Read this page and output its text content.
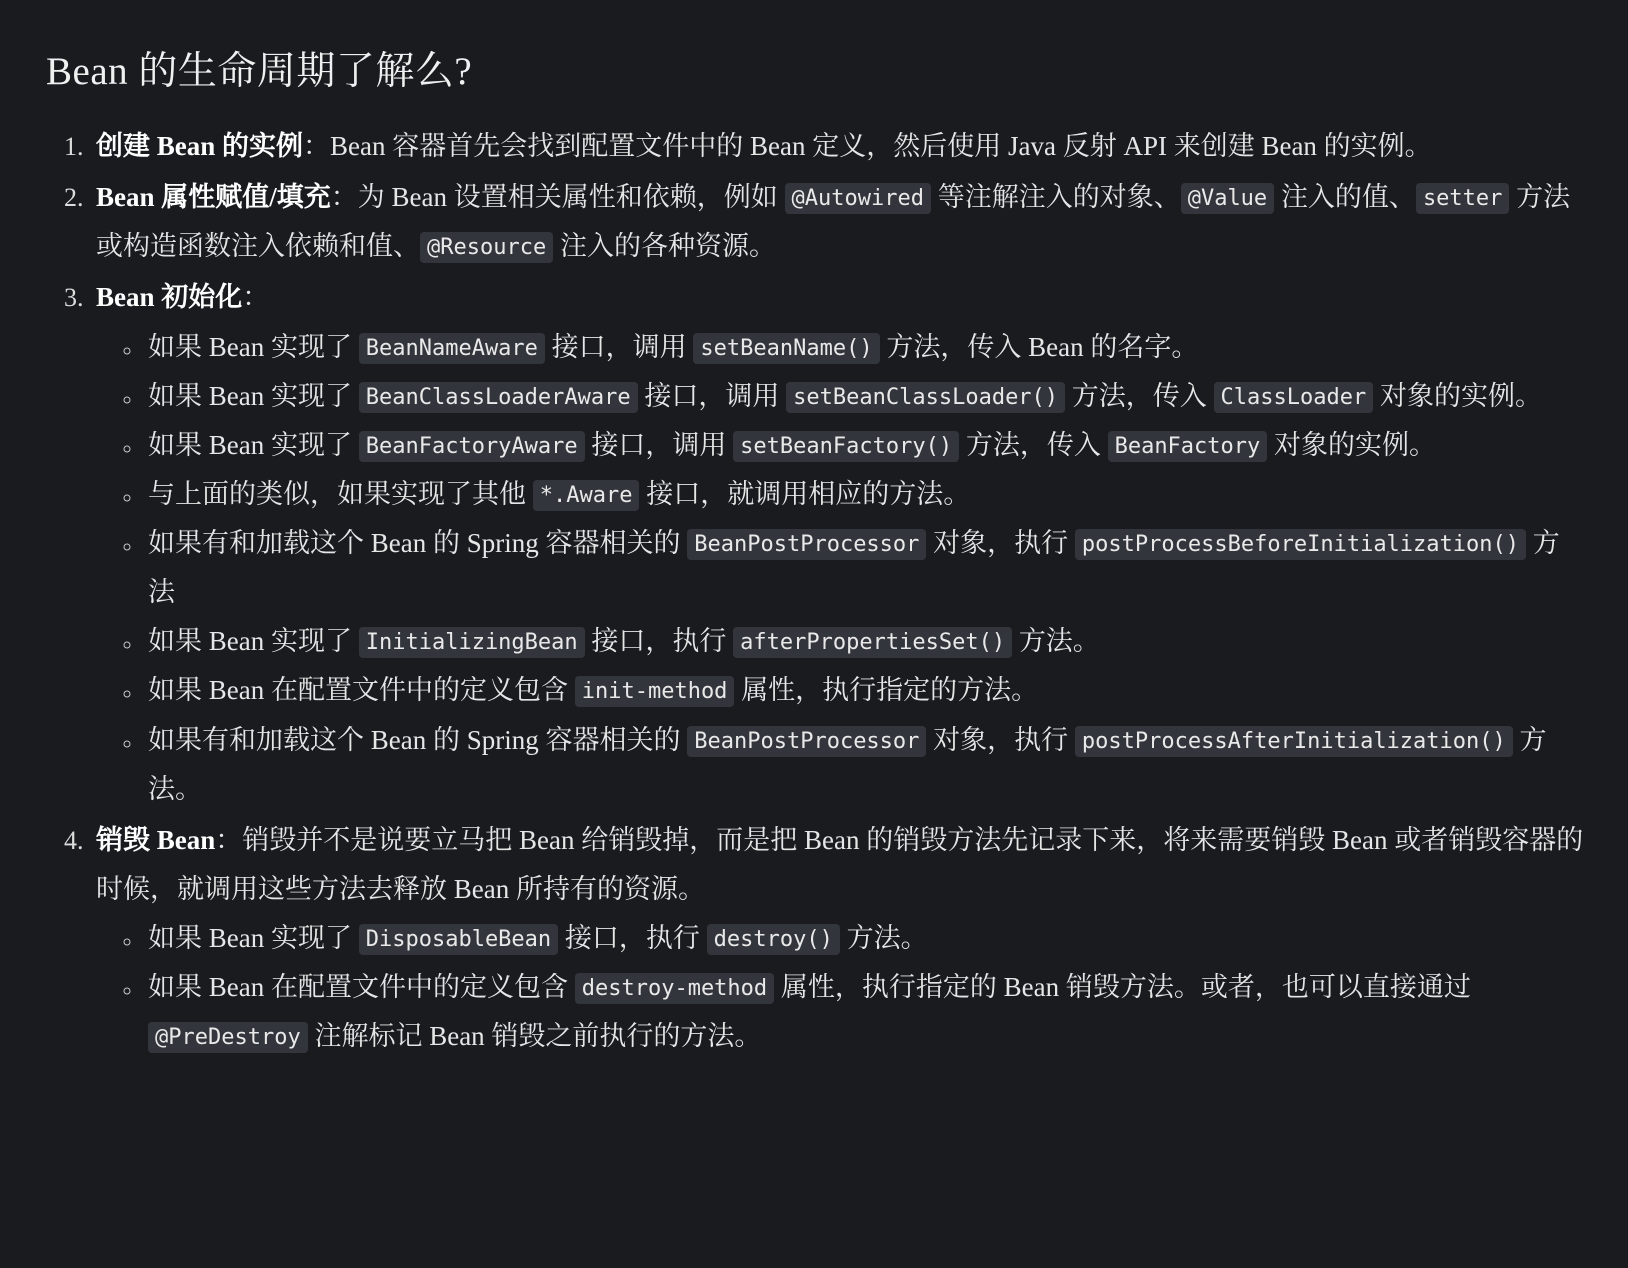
Bean 的生命周期了解么?
1. 创建 Bean 的实例：Bean 容器首先会找到配置文件中的 Bean 定义，然后使用 Java 反射 API 来创建 Bean 的实例。
2. Bean 属性赋值/填充：为 Bean 设置相关属性和依赖，例如 @Autowired 等注解注入的对象、 @Value 注入的值、 setter 方法或构造函数注入依赖和值、 @Resource 注入的各种资源。
3. Bean 初始化：
◦ 如果 Bean 实现了 BeanNameAware 接口，调用 setBeanName() 方法，传入 Bean 的名字。
◦ 如果 Bean 实现了 BeanClassLoaderAware 接口，调用 setBeanClassLoader() 方法，传入 ClassLoader 对象的实例。
◦ 如果 Bean 实现了 BeanFactoryAware 接口，调用 setBeanFactory() 方法，传入 BeanFactory 对象的实例。
◦ 与上面的类似，如果实现了其他 *.Aware 接口，就调用相应的方法。
◦ 如果有和加载这个 Bean 的 Spring 容器相关的 BeanPostProcessor 对象，执行 postProcessBeforeInitialization() 方法
◦ 如果 Bean 实现了 InitializingBean 接口，执行 afterPropertiesSet() 方法。
◦ 如果 Bean 在配置文件中的定义包含 init-method 属性，执行指定的方法。
◦ 如果有和加载这个 Bean 的 Spring 容器相关的 BeanPostProcessor 对象，执行 postProcessAfterInitialization() 方法。
4. 销毁 Bean：销毁并不是说要立马把 Bean 给销毁掉，而是把 Bean 的销毁方法先记录下来，将来需要销毁 Bean 或者销毁容器的时候，就调用这些方法去释放 Bean 所持有的资源。
◦ 如果 Bean 实现了 DisposableBean 接口，执行 destroy() 方法。
◦ 如果 Bean 在配置文件中的定义包含 destroy-method 属性，执行指定的 Bean 销毁方法。或者，也可以直接通过 @PreDestroy 注解标记 Bean 销毁之前执行的方法。
